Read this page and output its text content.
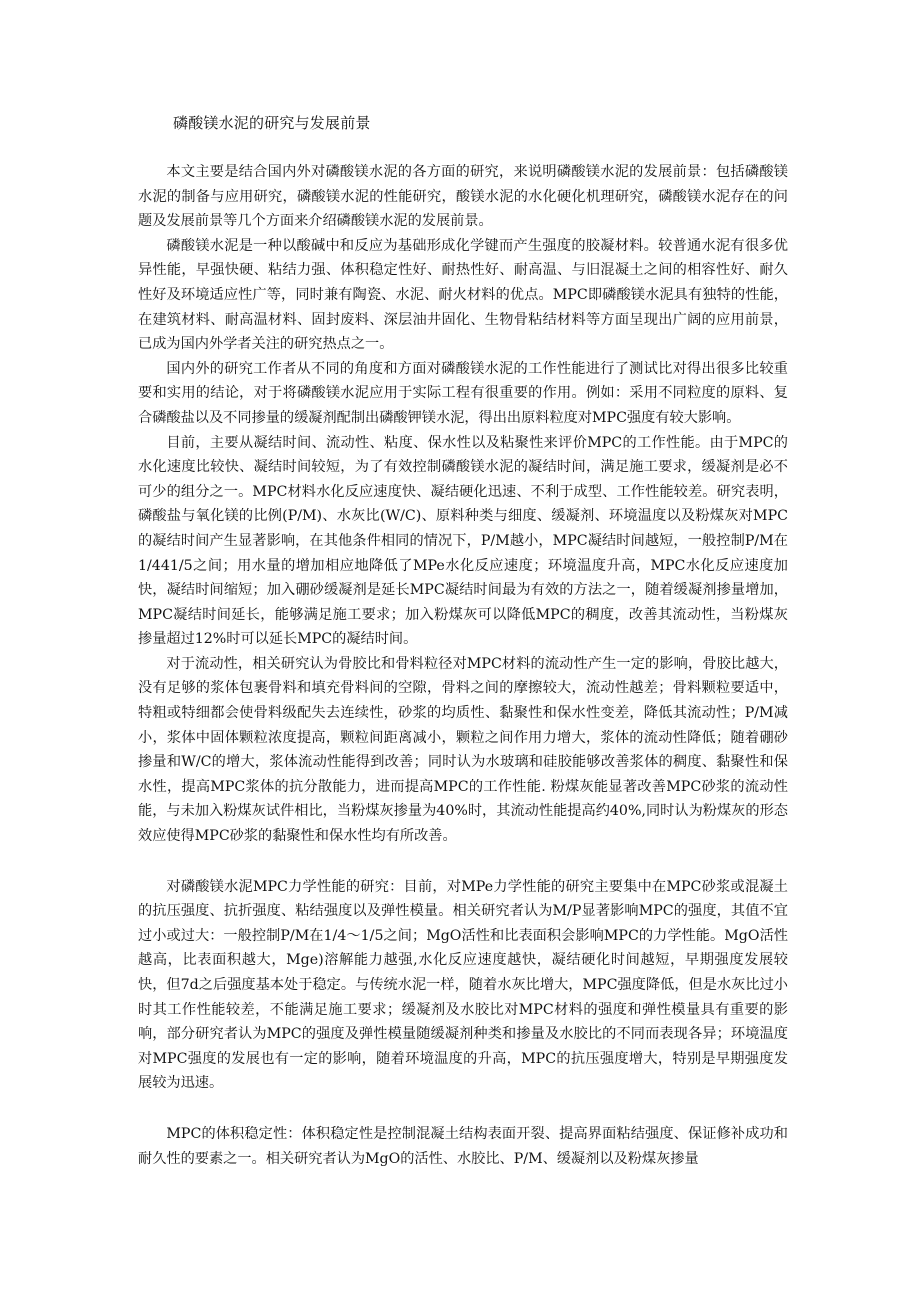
磷酸镁水泥的研究与发展前景

本文主要是结合国内外对磷酸镁水泥的各方面的研究，来说明磷酸镁水泥的发展前景：包括磷酸镁水泥的制备与应用研究，磷酸镁水泥的性能研究，酸镁水泥的水化硬化机理研究，磷酸镁水泥存在的问题及发展前景等几个方面来介绍磷酸镁水泥的发展前景。

磷酸镁水泥是一种以酸碱中和反应为基础形成化学键而产生强度的胶凝材料。较普通水泥有很多优异性能，早强快硬、粘结力强、体积稳定性好、耐热性好、耐高温、与旧混凝土之间的相容性好、耐久性好及环境适应性广等，同时兼有陶瓷、水泥、耐火材料的优点。MPC即磷酸镁水泥具有独特的性能，在建筑材料、耐高温材料、固封废料、深层油井固化、生物骨粘结材料等方面呈现出广阔的应用前景，已成为国内外学者关注的研究热点之一。

国内外的研究工作者从不同的角度和方面对磷酸镁水泥的工作性能进行了测试比对得出很多比较重要和实用的结论，对于将磷酸镁水泥应用于实际工程有很重要的作用。例如：采用不同粒度的原料、复合磷酸盐以及不同掺量的缓凝剂配制出磷酸钾镁水泥，得出出原料粒度对MPC强度有较大影响。

目前，主要从凝结时间、流动性、粘度、保水性以及粘聚性来评价MPC的工作性能。由于MPC的水化速度比较快、凝结时间较短，为了有效控制磷酸镁水泥的凝结时间，满足施工要求，缓凝剂是必不可少的组分之一。MPC材料水化反应速度快、凝结硬化迅速、不利于成型、工作性能较差。研究表明，磷酸盐与氧化镁的比例(P/M)、水灰比(W/C)、原料种类与细度、缓凝剂、环境温度以及粉煤灰对MPC的凝结时间产生显著影响，在其他条件相同的情况下，P/M越小，MPC凝结时间越短，一般控制P/M在1/441/5之间；用水量的增加相应地降低了MPe水化反应速度；环境温度升高，MPC水化反应速度加快，凝结时间缩短；加入硼砂缓凝剂是延长MPC凝结时间最为有效的方法之一，随着缓凝剂掺量增加，MPC凝结时间延长，能够满足施工要求；加入粉煤灰可以降低MPC的稠度，改善其流动性，当粉煤灰掺量超过12%时可以延长MPC的凝结时间。

对于流动性，相关研究认为骨胶比和骨料粒径对MPC材料的流动性产生一定的影响，骨胶比越大，没有足够的浆体包裹骨料和填充骨料间的空隙，骨料之间的摩擦较大，流动性越差；骨料颗粒要适中，特粗或特细都会使骨料级配失去连续性，砂浆的均质性、黏聚性和保水性变差，降低其流动性；P/M减小，浆体中固体颗粒浓度提高，颗粒间距离减小，颗粒之间作用力增大，浆体的流动性降低；随着硼砂掺量和W/C的增大，浆体流动性能得到改善；同时认为水玻璃和硅胶能够改善浆体的稠度、黏聚性和保水性，提高MPC浆体的抗分散能力，进而提高MPC的工作性能. 粉煤灰能显著改善MPC砂浆的流动性能，与未加入粉煤灰试件相比，当粉煤灰掺量为40%时，其流动性能提高约40%,同时认为粉煤灰的形态效应使得MPC砂浆的黏聚性和保水性均有所改善。

对磷酸镁水泥MPC力学性能的研究：目前，对MPe力学性能的研究主要集中在MPC砂浆或混凝土的抗压强度、抗折强度、粘结强度以及弹性模量。相关研究者认为M/P显著影响MPC的强度，其值不宜过小或过大：一般控制P/M在1/4～1/5之间；MgO活性和比表面积会影响MPC的力学性能。MgO活性越高，比表面积越大，Mge)溶解能力越强,水化反应速度越快，凝结硬化时间越短，早期强度发展较快，但7d之后强度基本处于稳定。与传统水泥一样，随着水灰比增大，MPC强度降低，但是水灰比过小时其工作性能较差，不能满足施工要求；缓凝剂及水胶比对MPC材料的强度和弹性模量具有重要的影响，部分研究者认为MPC的强度及弹性模量随缓凝剂种类和掺量及水胶比的不同而表现各异；环境温度对MPC强度的发展也有一定的影响，随着环境温度的升高，MPC的抗压强度增大，特别是早期强度发展较为迅速。

MPC的体积稳定性：体积稳定性是控制混凝土结构表面开裂、提高界面粘结强度、保证修补成功和耐久性的要素之一。相关研究者认为MgO的活性、水胶比、P/M、缓凝剂以及粉煤灰掺量
